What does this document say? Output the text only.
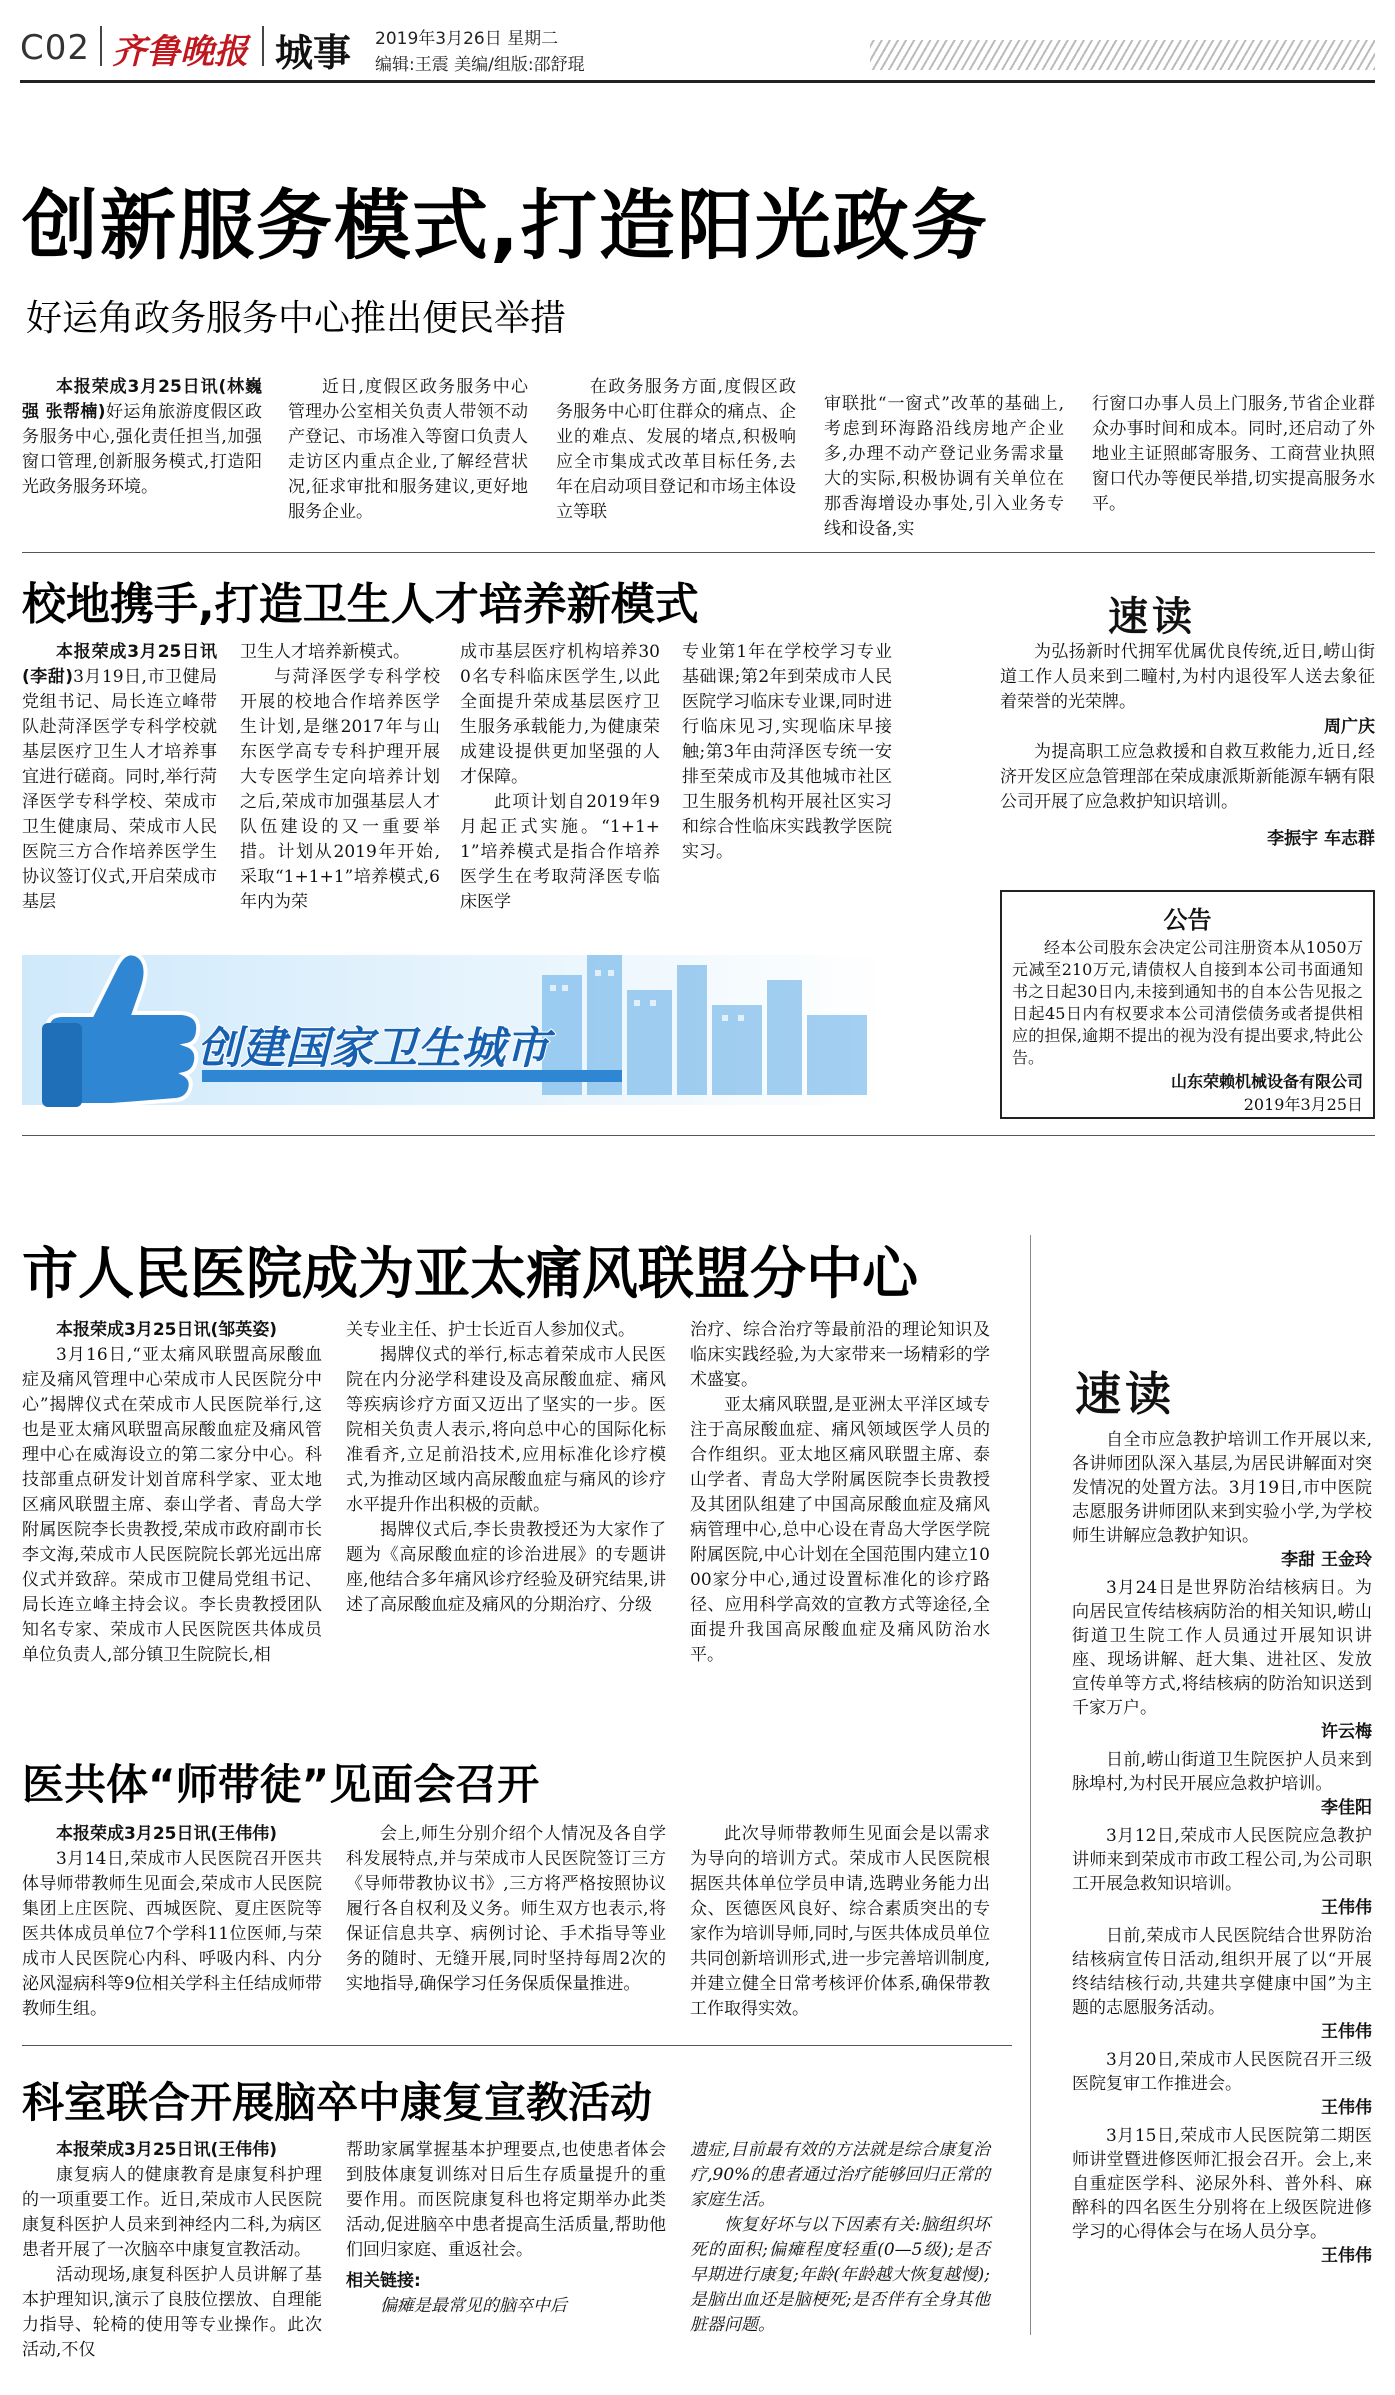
C02 齐鲁晚报 城事 2019年3月26日 星期二
编辑:王震 美编/组版:邵舒琨
创新服务模式,打造阳光政务
好运角政务服务中心推出便民举措

本报荣成3月25日讯(林巍强 张帮楠)好运角旅游度假区政务服务中心,强化责任担当,加强窗口管理,创新服务模式,打造阳光政务服务环境。

近日,度假区政务服务中心管理办公室相关负责人带领不动产登记、市场准入等窗口负责人走访区内重点企业,了解经营状况,征求审批和服务建议,更好地服务企业。

在政务服务方面,度假区政务服务中心盯住群众的痛点、企业的难点、发展的堵点,积极响应全市集成式改革目标任务,去年在启动项目登记和市场主体设立等联

审联批“一窗式”改革的基础上,考虑到环海路沿线房地产企业多,办理不动产登记业务需求量大的实际,积极协调有关单位在那香海增设办事处,引入业务专线和设备,实

行窗口办事人员上门服务,节省企业群众办事时间和成本。同时,还启动了外地业主证照邮寄服务、工商营业执照窗口代办等便民举措,切实提高服务水平。

校地携手,打造卫生人才培养新模式

本报荣成3月25日讯(李甜)3月19日,市卫健局党组书记、局长连立峰带队赴菏泽医学专科学校就基层医疗卫生人才培养事宜进行磋商。同时,举行菏泽医学专科学校、荣成市卫生健康局、荣成市人民医院三方合作培养医学生协议签订仪式,开启荣成市基层

卫生人才培养新模式。

与菏泽医学专科学校开展的校地合作培养医学生计划,是继2017年与山东医学高专专科护理开展大专医学生定向培养计划之后,荣成市加强基层人才队伍建设的又一重要举措。计划从2019年开始,采取“1+1+1”培养模式,6年内为荣

成市基层医疗机构培养300名专科临床医学生,以此全面提升荣成基层医疗卫生服务承载能力,为健康荣成建设提供更加坚强的人才保障。

此项计划自2019年9月起正式实施。“1+1+1”培养模式是指合作培养医学生在考取菏泽医专临床医学

专业第1年在学校学习专业基础课;第2年到荣成市人民医院学习临床专业课,同时进行临床见习,实现临床早接触;第3年由菏泽医专统一安排至荣成市及其他城市社区卫生服务机构开展社区实习和综合性临床实践教学医院实习。

创建国家卫生城市
速读

为弘扬新时代拥军优属优良传统,近日,崂山街道工作人员来到二疃村,为村内退役军人送去象征着荣誉的光荣牌。

周广庆

为提高职工应急救援和自救互救能力,近日,经济开发区应急管理部在荣成康派斯新能源车辆有限公司开展了应急救护知识培训。

李振宇 车志群
公告

经本公司股东会决定公司注册资本从1050万元减至210万元,请债权人自接到本公司书面通知书之日起30日内,未接到通知书的自本公告见报之日起45日内有权要求本公司清偿债务或者提供相应的担保,逾期不提出的视为没有提出要求,特此公告。

山东荣赖机械设备有限公司
2019年3月25日
市人民医院成为亚太痛风联盟分中心

本报荣成3月25日讯(邹英姿)

3月16日,“亚太痛风联盟高尿酸血症及痛风管理中心荣成市人民医院分中心”揭牌仪式在荣成市人民医院举行,这也是亚太痛风联盟高尿酸血症及痛风管理中心在威海设立的第二家分中心。科技部重点研发计划首席科学家、亚太地区痛风联盟主席、泰山学者、青岛大学附属医院李长贵教授,荣成市政府副市长李文海,荣成市人民医院院长郭光远出席仪式并致辞。荣成市卫健局党组书记、局长连立峰主持会议。李长贵教授团队知名专家、荣成市人民医院医共体成员单位负责人,部分镇卫生院院长,相

关专业主任、护士长近百人参加仪式。

揭牌仪式的举行,标志着荣成市人民医院在内分泌学科建设及高尿酸血症、痛风等疾病诊疗方面又迈出了坚实的一步。医院相关负责人表示,将向总中心的国际化标准看齐,立足前沿技术,应用标准化诊疗模式,为推动区域内高尿酸血症与痛风的诊疗水平提升作出积极的贡献。

揭牌仪式后,李长贵教授还为大家作了题为《高尿酸血症的诊治进展》的专题讲座,他结合多年痛风诊疗经验及研究结果,讲述了高尿酸血症及痛风的分期治疗、分级

治疗、综合治疗等最前沿的理论知识及临床实践经验,为大家带来一场精彩的学术盛宴。

亚太痛风联盟,是亚洲太平洋区域专注于高尿酸血症、痛风领域医学人员的合作组织。亚太地区痛风联盟主席、泰山学者、青岛大学附属医院李长贵教授及其团队组建了中国高尿酸血症及痛风病管理中心,总中心设在青岛大学医学院附属医院,中心计划在全国范围内建立1000家分中心,通过设置标准化的诊疗路径、应用科学高效的宣教方式等途径,全面提升我国高尿酸血症及痛风防治水平。

速读

自全市应急教护培训工作开展以来,各讲师团队深入基层,为居民讲解面对突发情况的处置方法。3月19日,市中医院志愿服务讲师团队来到实验小学,为学校师生讲解应急教护知识。

李甜 王金玲

3月24日是世界防治结核病日。为向居民宣传结核病防治的相关知识,崂山街道卫生院工作人员通过开展知识讲座、现场讲解、赶大集、进社区、发放宣传单等方式,将结核病的防治知识送到千家万户。

许云梅

日前,崂山街道卫生院医护人员来到脉埠村,为村民开展应急救护培训。

李佳阳

3月12日,荣成市人民医院应急教护讲师来到荣成市市政工程公司,为公司职工开展急救知识培训。

王伟伟

日前,荣成市人民医院结合世界防治结核病宣传日活动,组织开展了以“开展终结结核行动,共建共享健康中国”为主题的志愿服务活动。

王伟伟

3月20日,荣成市人民医院召开三级医院复审工作推进会。

王伟伟

3月15日,荣成市人民医院第二期医师讲堂暨进修医师汇报会召开。会上,来自重症医学科、泌尿外科、普外科、麻醉科的四名医生分别将在上级医院进修学习的心得体会与在场人员分享。

王伟伟
医共体“师带徒”见面会召开

本报荣成3月25日讯(王伟伟)

3月14日,荣成市人民医院召开医共体导师带教师生见面会,荣成市人民医院集团上庄医院、西城医院、夏庄医院等医共体成员单位7个学科11位医师,与荣成市人民医院心内科、呼吸内科、内分泌风湿病科等9位相关学科主任结成师带教师生组。

会上,师生分别介绍个人情况及各自学科发展特点,并与荣成市人民医院签订三方《导师带教协议书》,三方将严格按照协议履行各自权利及义务。师生双方也表示,将保证信息共享、病例讨论、手术指导等业务的随时、无缝开展,同时坚持每周2次的实地指导,确保学习任务保质保量推进。

此次导师带教师生见面会是以需求为导向的培训方式。荣成市人民医院根据医共体单位学员申请,选聘业务能力出众、医德医风良好、综合素质突出的专家作为培训导师,同时,与医共体成员单位共同创新培训形式,进一步完善培训制度,并建立健全日常考核评价体系,确保带教工作取得实效。

科室联合开展脑卒中康复宣教活动

本报荣成3月25日讯(王伟伟)

康复病人的健康教育是康复科护理的一项重要工作。近日,荣成市人民医院康复科医护人员来到神经内二科,为病区患者开展了一次脑卒中康复宣教活动。

活动现场,康复科医护人员讲解了基本护理知识,演示了良肢位摆放、自理能力指导、轮椅的使用等专业操作。此次活动,不仅

帮助家属掌握基本护理要点,也使患者体会到肢体康复训练对日后生存质量提升的重要作用。而医院康复科也将定期举办此类活动,促进脑卒中患者提高生活质量,帮助他们回归家庭、重返社会。

相关链接:

偏瘫是最常见的脑卒中后

遗症,目前最有效的方法就是综合康复治疗,90%的患者通过治疗能够回归正常的家庭生活。

恢复好坏与以下因素有关:脑组织坏死的面积;偏瘫程度轻重(0—5级);是否早期进行康复;年龄(年龄越大恢复越慢);是脑出血还是脑梗死;是否伴有全身其他脏器问题。
